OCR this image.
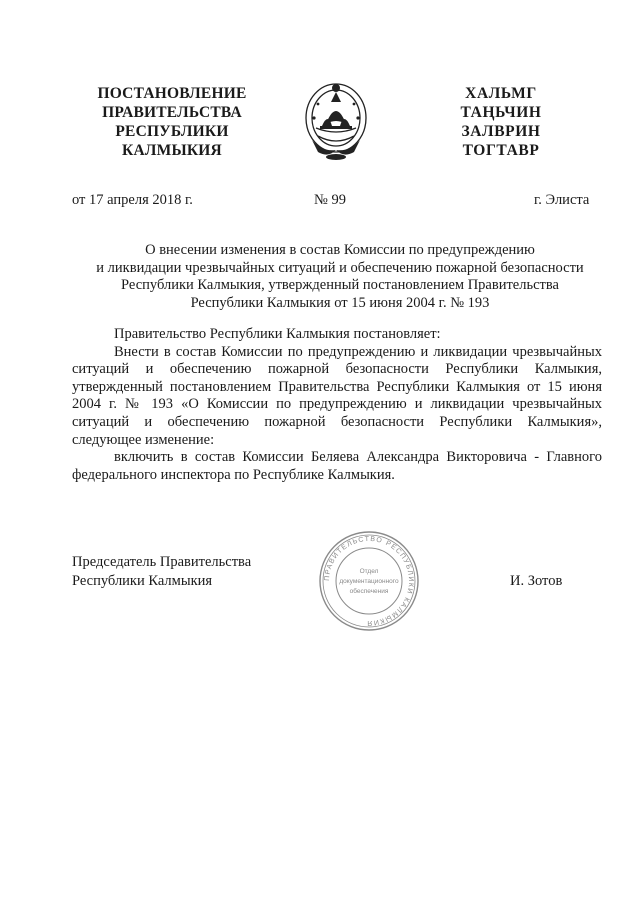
ПОСТАНОВЛЕНИЕ
ПРАВИТЕЛЬСТВА
РЕСПУБЛИКИ
КАЛМЫКИЯ
ХАЛЬМГ
ТАҢЬЧИН
ЗАЛВРИН
ТОГТАВР
от 17 апреля 2018 г.	№ 99	г. Элиста
О внесении изменения в состав Комиссии по предупреждению
и ликвидации чрезвычайных ситуаций и обеспечению пожарной безопасности
Республики Калмыкия, утвержденный постановлением Правительства
Республики Калмыкия от 15 июня 2004 г. № 193

Правительство Республики Калмыкия постановляет:

Внести в состав Комиссии по предупреждению и ликвидации чрезвычайных ситуаций и обеспечению пожарной безопасности Республики Калмыкия, утвержденный постановлением Правительства Республики Калмыкия от 15 июня 2004 г. № 193 «О Комиссии по предупреждению и ликвидации чрезвычайных ситуаций и обеспечению пожарной безопасности Республики Калмыкия», следующее изменение:

включить в состав Комиссии Беляева Александра Викторовича - Главного федерального инспектора по Республике Калмыкия.

Председатель Правительства
Республики Калмыкия	ПРАВИТЕЛЬСТВО РЕСПУБЛИКИ КАЛМЫКИЯ
Отдел
документационного
обеспечения
И. Зотов
